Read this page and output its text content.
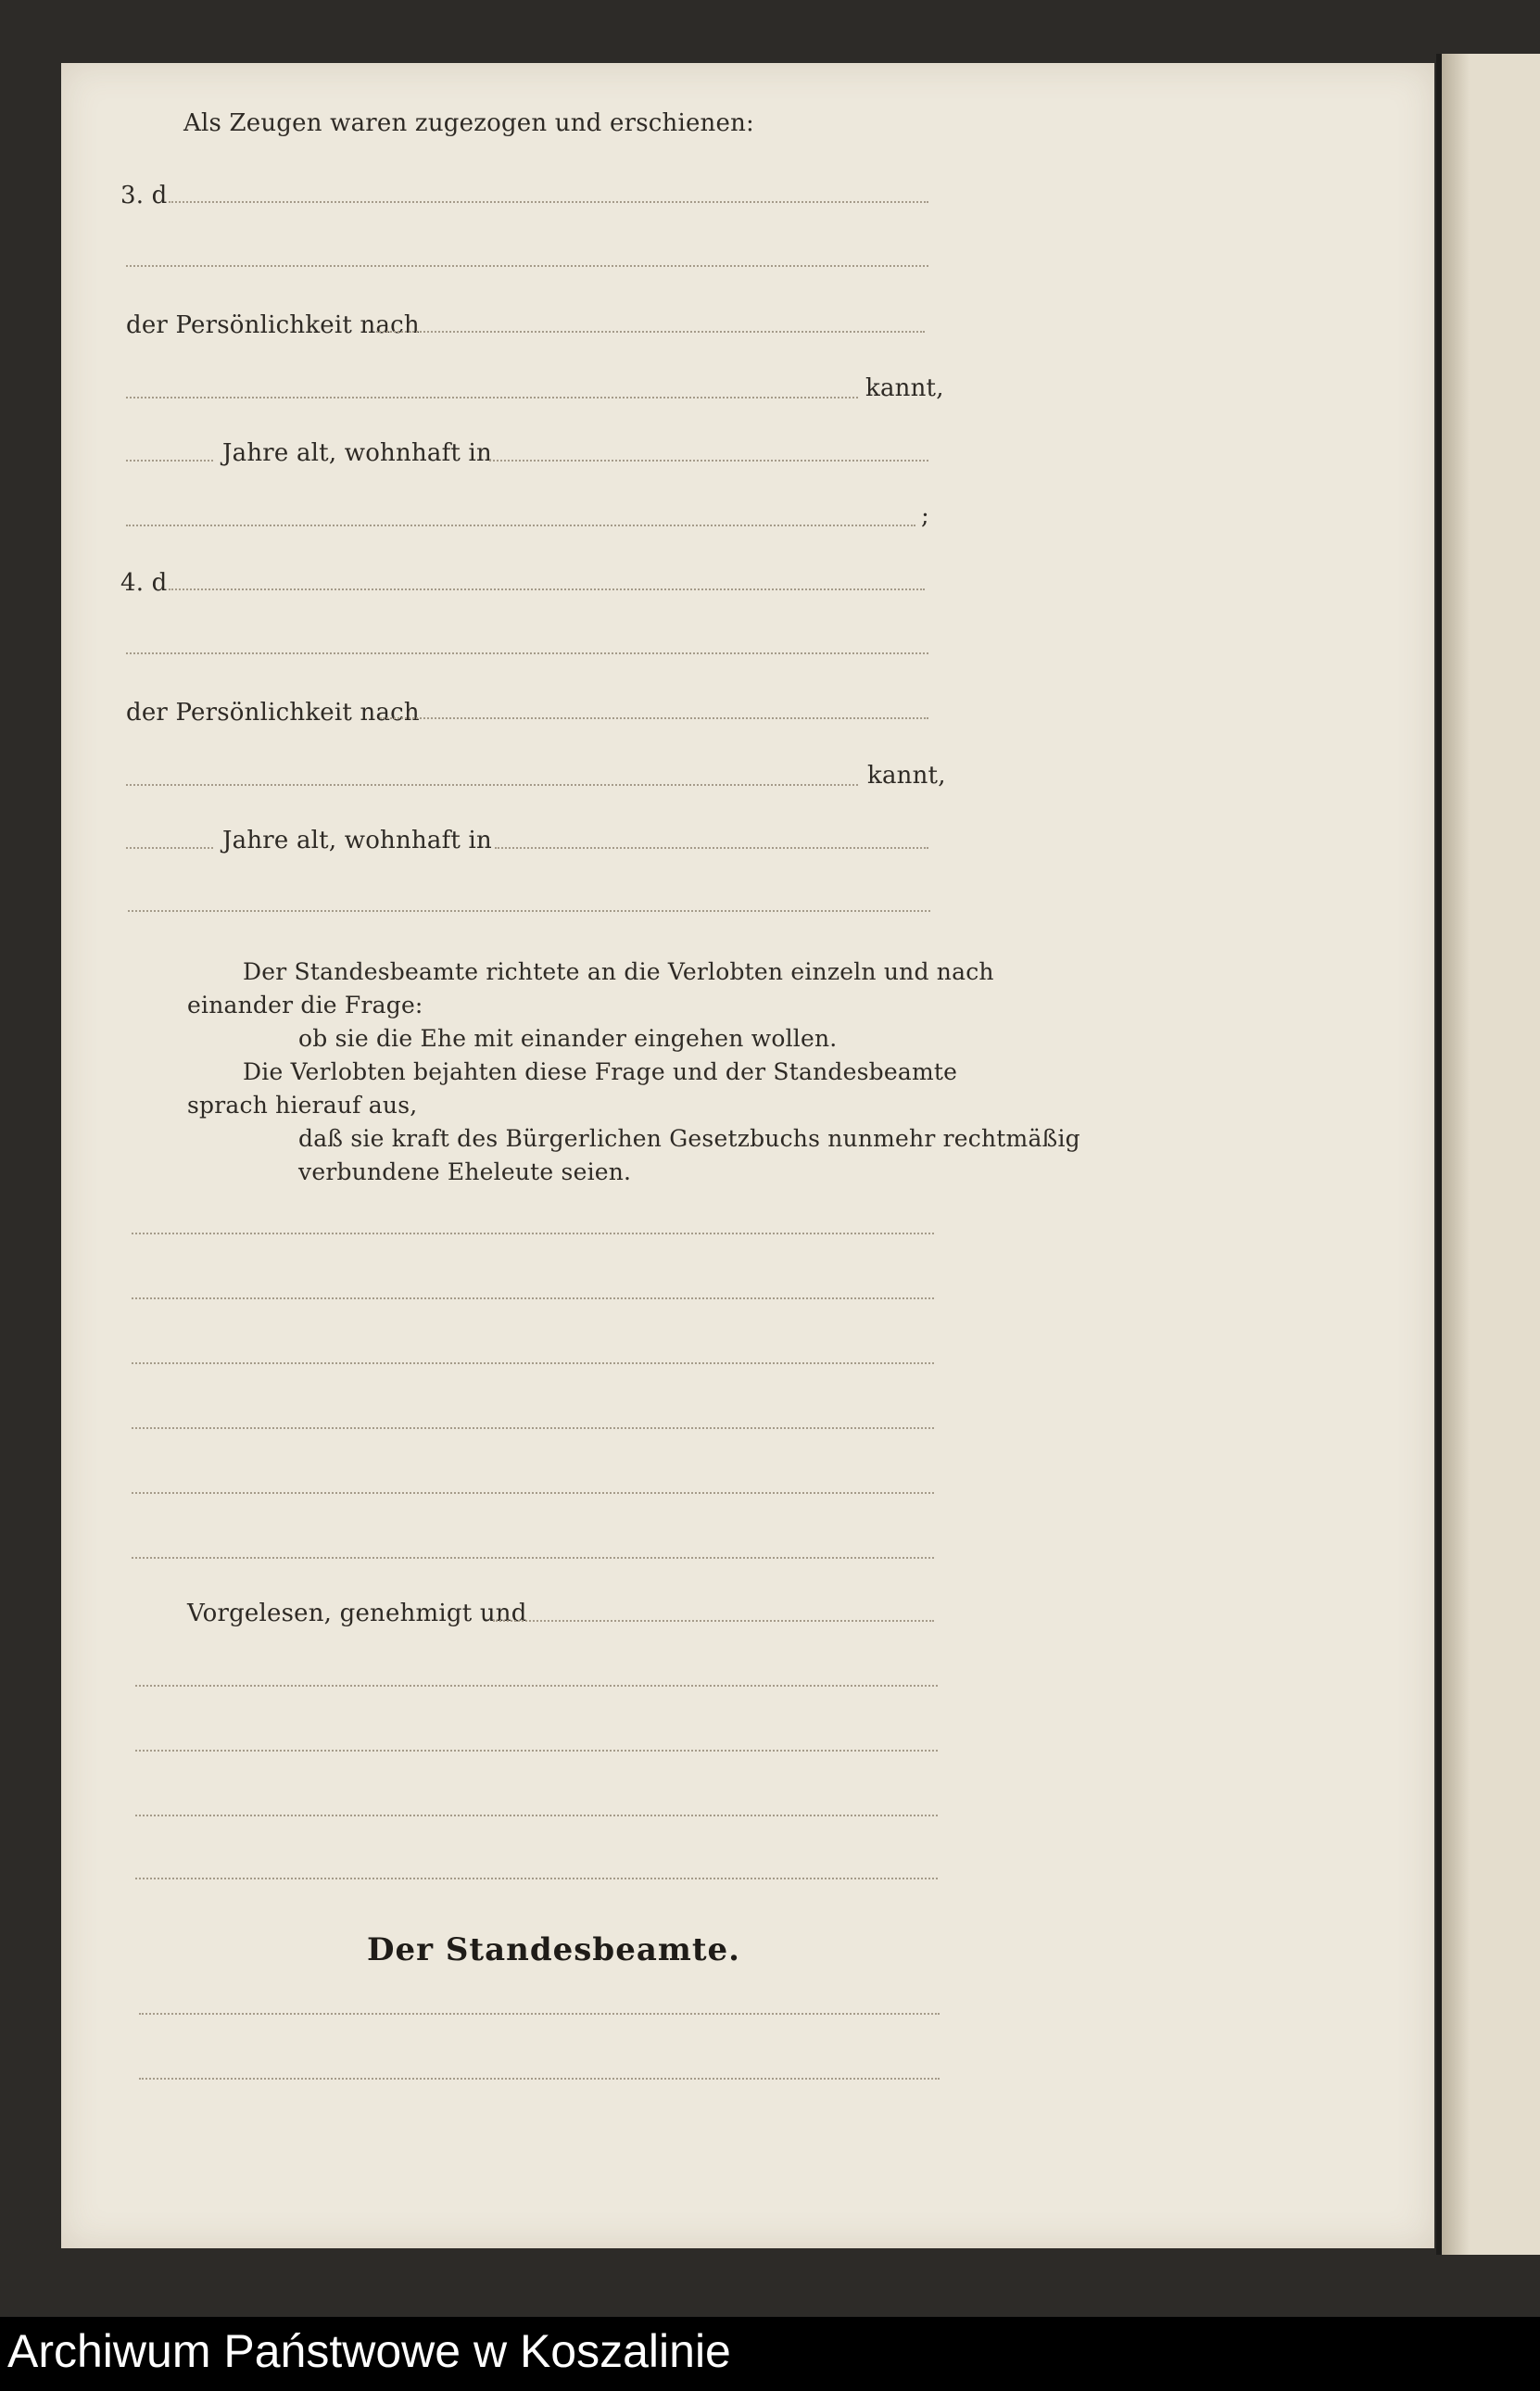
Als Zeugen waren zugezogen und erschienen:
3. d
der Persönlichkeit nach
kannt,
Jahre alt, wohnhaft in
;
4. d
der Persönlichkeit nach
kannt,
Jahre alt, wohnhaft in
Der Standesbeamte richtete an die Verlobten einzeln und nach
einander die Frage:
ob sie die Ehe mit einander eingehen wollen.
Die Verlobten bejahten diese Frage und der Standesbeamte
sprach hierauf aus,
daß sie kraft des Bürgerlichen Gesetzbuchs nunmehr rechtmäßig
verbundene Eheleute seien.
Vorgelesen, genehmigt und
Der Standesbeamte.
Archiwum Państwowe w Koszalinie
